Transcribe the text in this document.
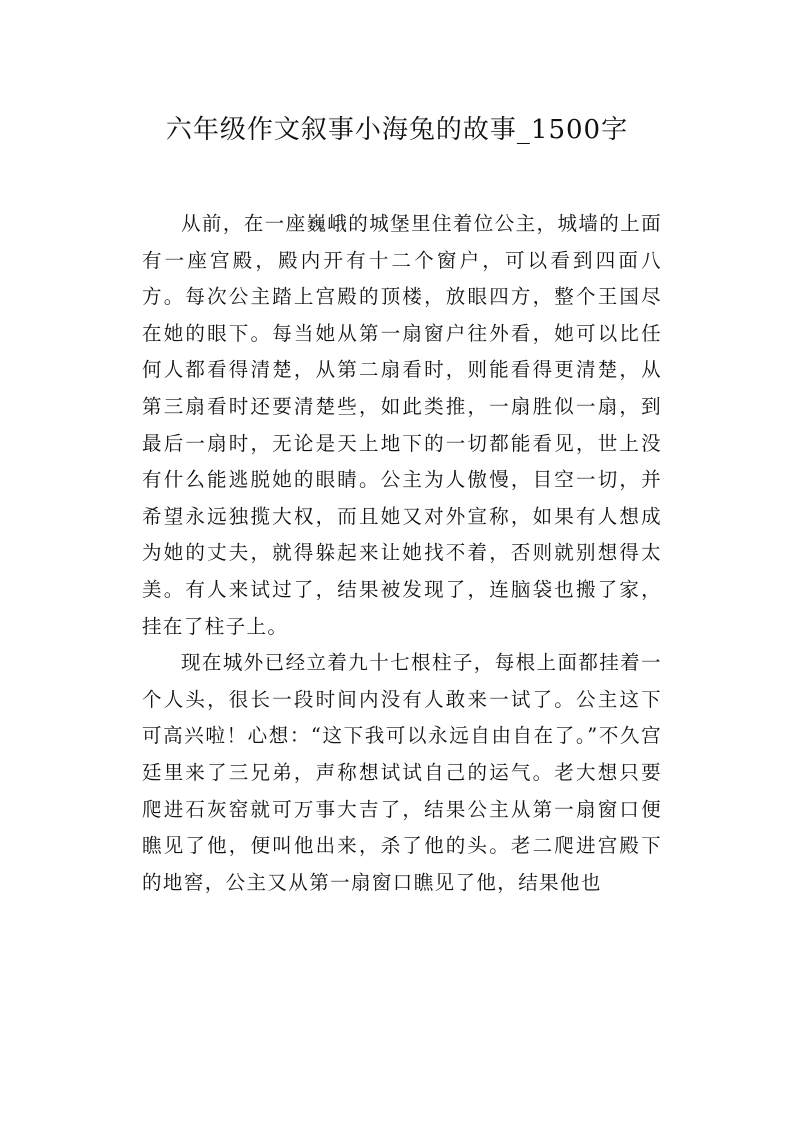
六年级作文叙事小海兔的故事_1500字

从前，在一座巍峨的城堡里住着位公主，城墙的上面有一座宫殿，殿内开有十二个窗户，可以看到四面八方。每次公主踏上宫殿的顶楼，放眼四方，整个王国尽在她的眼下。每当她从第一扇窗户往外看，她可以比任何人都看得清楚，从第二扇看时，则能看得更清楚，从第三扇看时还要清楚些，如此类推，一扇胜似一扇，到最后一扇时，无论是天上地下的一切都能看见，世上没有什么能逃脱她的眼睛。公主为人傲慢，目空一切，并希望永远独揽大权，而且她又对外宣称，如果有人想成为她的丈夫，就得躲起来让她找不着，否则就别想得太美。有人来试过了，结果被发现了，连脑袋也搬了家，挂在了柱子上。

现在城外已经立着九十七根柱子，每根上面都挂着一个人头，很长一段时间内没有人敢来一试了。公主这下可高兴啦！心想：“这下我可以永远自由自在了。”不久宫廷里来了三兄弟，声称想试试自己的运气。老大想只要爬进石灰窑就可万事大吉了，结果公主从第一扇窗口便瞧见了他，便叫他出来，杀了他的头。老二爬进宫殿下的地窖，公主又从第一扇窗口瞧见了他，结果他也
